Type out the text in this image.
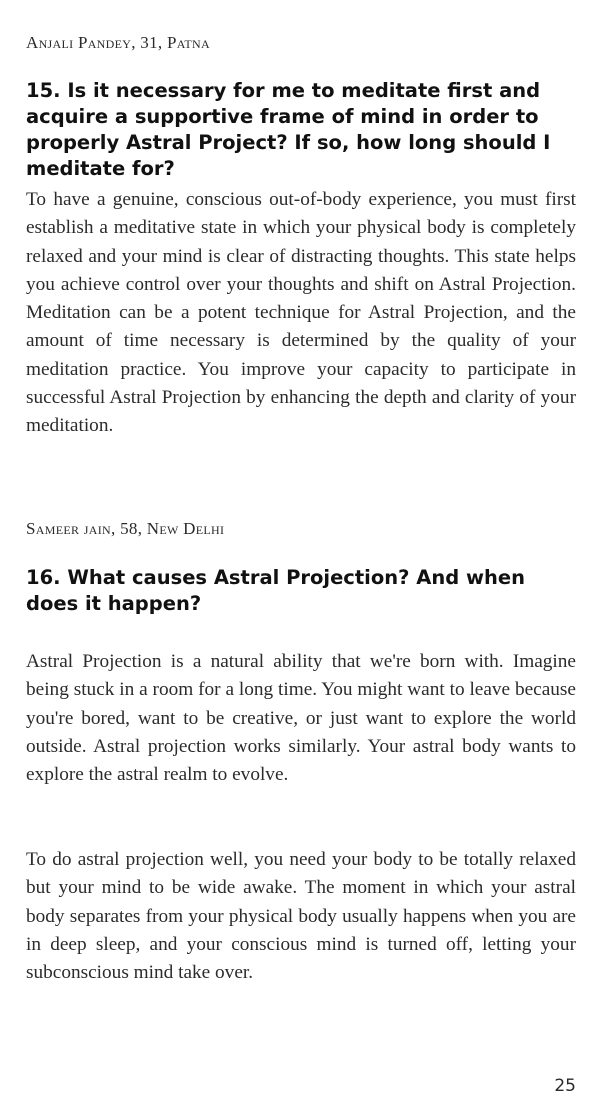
Anjali Pandey, 31, Patna
15. Is it necessary for me to meditate first and acquire a supportive frame of mind in order to properly Astral Project? If so, how long should I meditate for?

To have a genuine, conscious out-of-body experience, you must first establish a meditative state in which your physical body is completely relaxed and your mind is clear of distracting thoughts. This state helps you achieve control over your thoughts and shift on Astral Projection. Meditation can be a potent technique for Astral Projection, and the amount of time necessary is determined by the quality of your meditation practice. You improve your capacity to participate in successful Astral Projection by enhancing the depth and clarity of your meditation.

Sameer jain, 58, New Delhi
16. What causes Astral Projection? And when does it happen?

Astral Projection is a natural ability that we're born with. Imagine being stuck in a room for a long time. You might want to leave because you're bored, want to be creative, or just want to explore the world outside. Astral projection works similarly. Your astral body wants to explore the astral realm to evolve.

To do astral projection well, you need your body to be totally relaxed but your mind to be wide awake. The moment in which your astral body separates from your physical body usually happens when you are in deep sleep, and your conscious mind is turned off, letting your subconscious mind take over.

25
